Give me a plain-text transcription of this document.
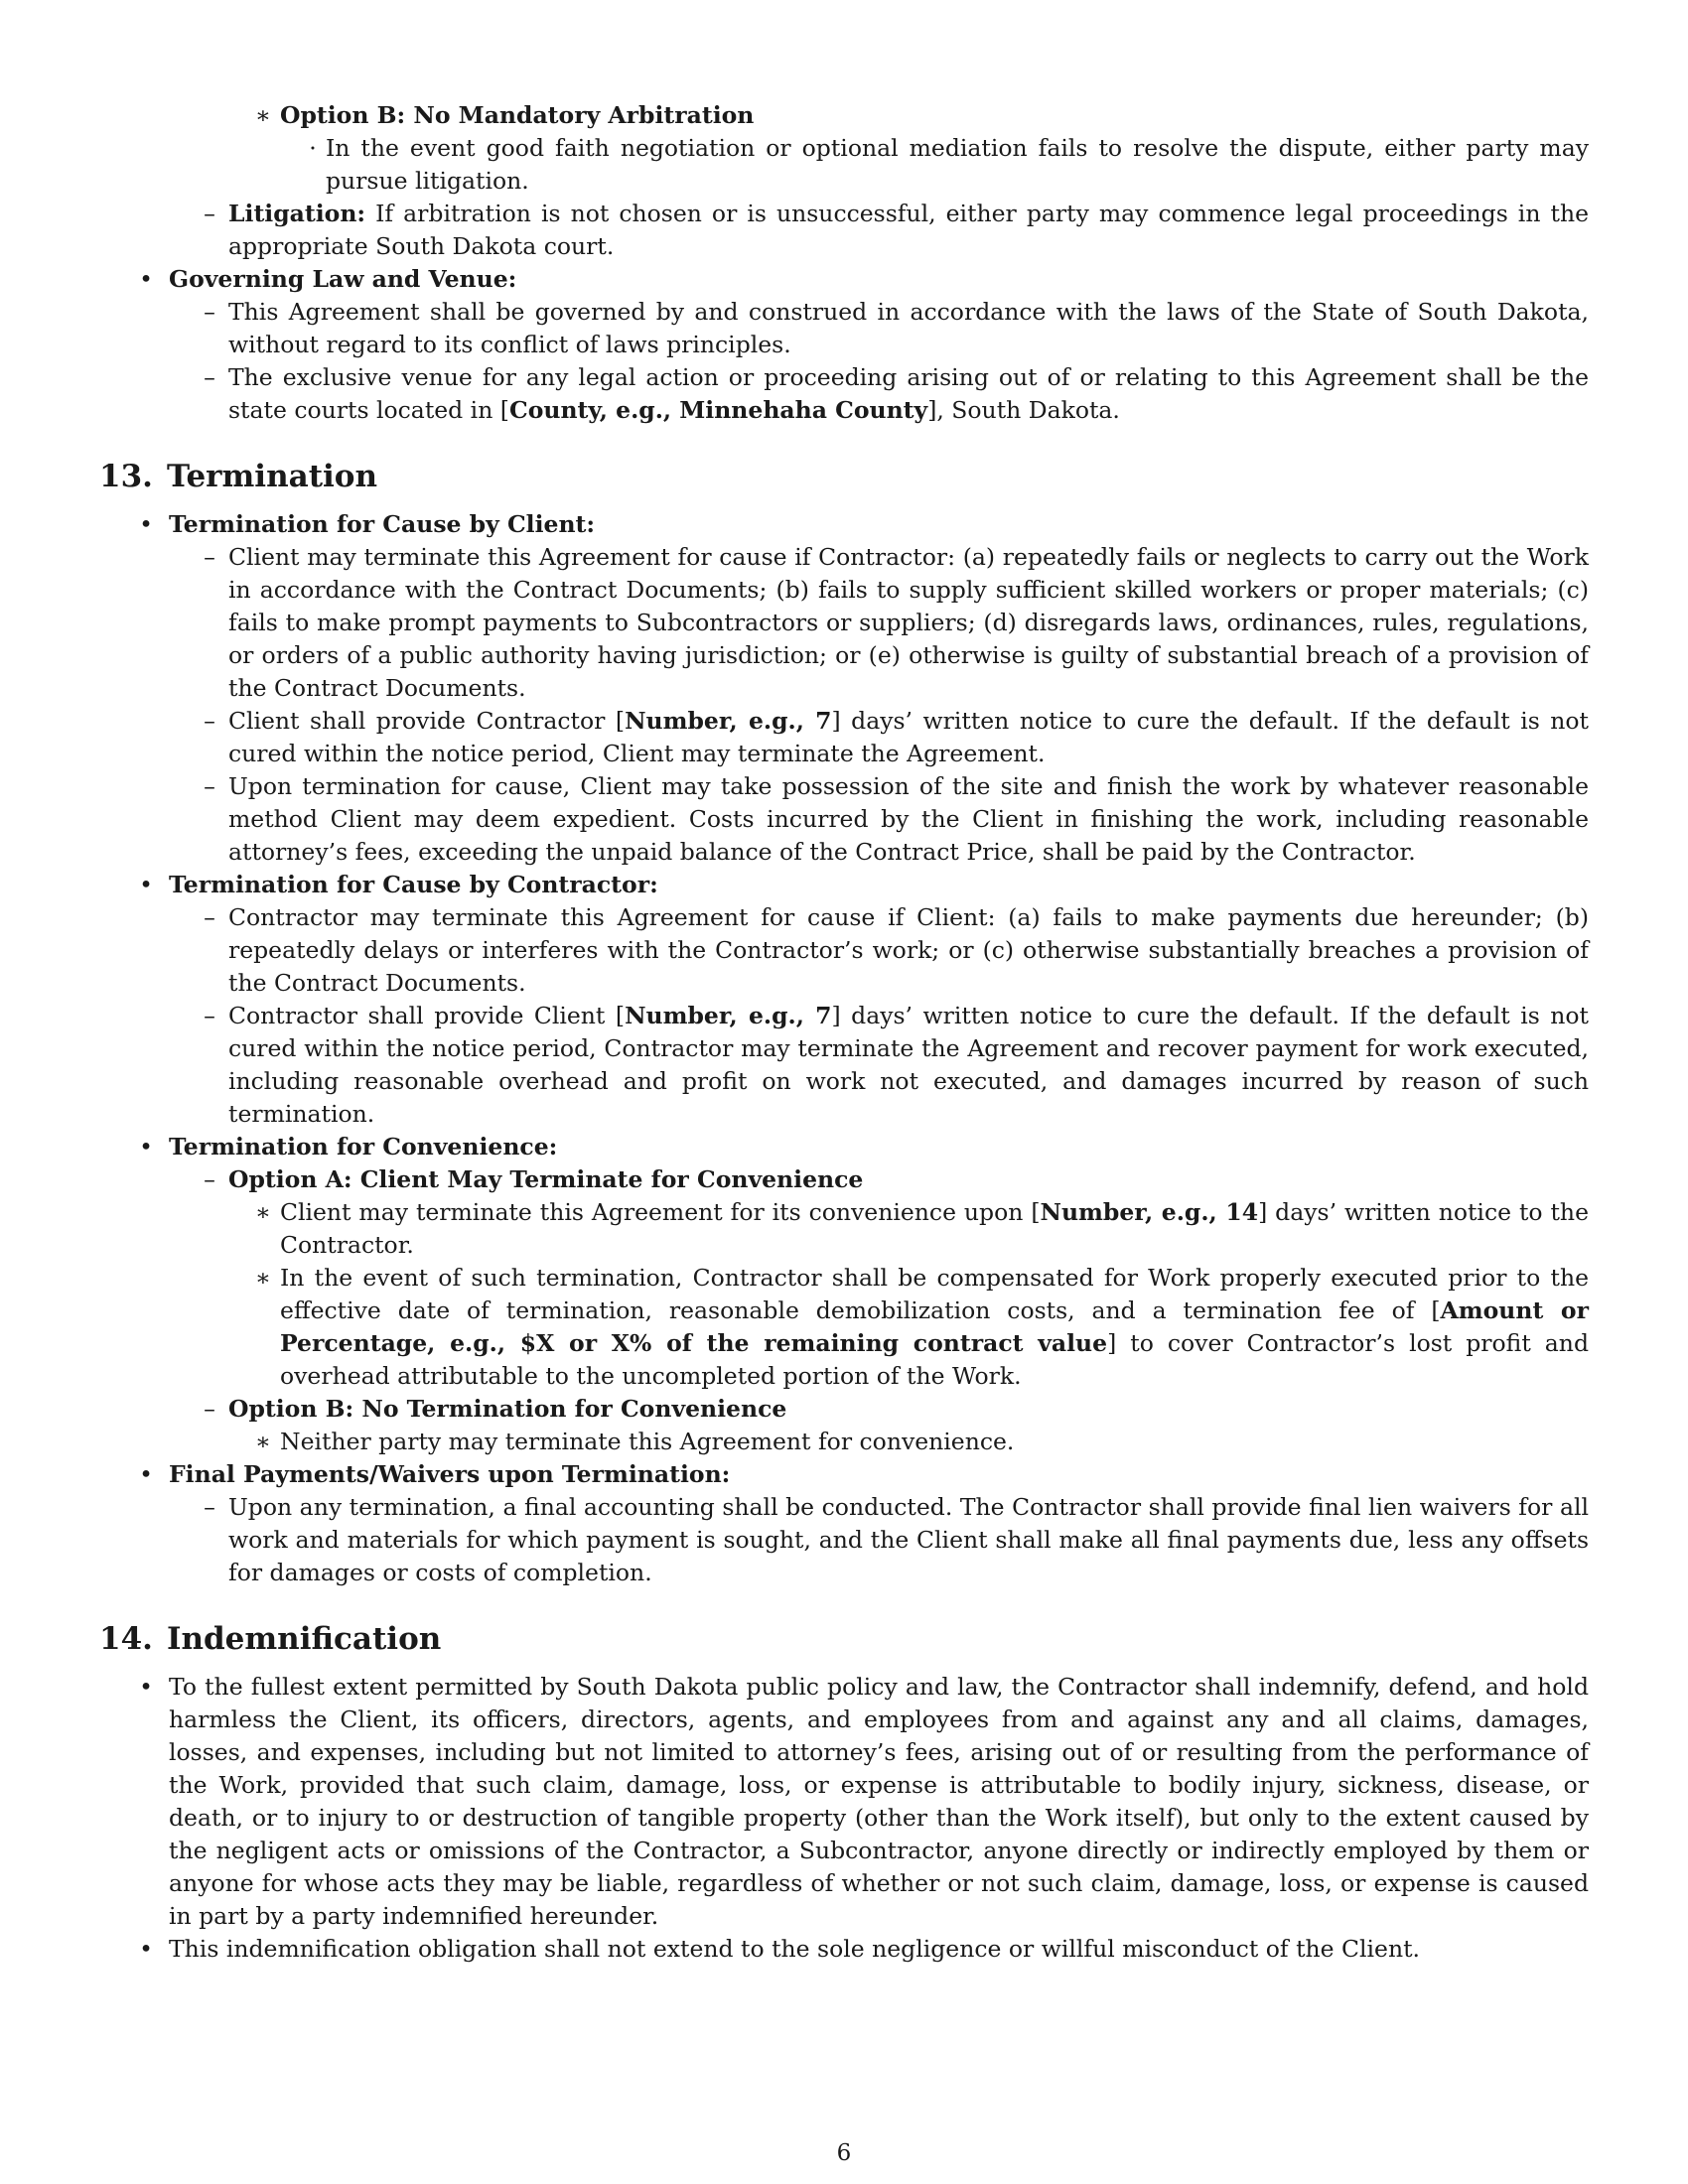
∗ Option B: No Mandatory Arbitration
· In the event good faith negotiation or optional mediation fails to resolve the dispute, either party may pursue litigation.
– Litigation: If arbitration is not chosen or is unsuccessful, either party may commence legal proceedings in the appropriate South Dakota court.
• Governing Law and Venue:
– This Agreement shall be governed by and construed in accordance with the laws of the State of South Dakota, without regard to its conflict of laws principles.
– The exclusive venue for any legal action or proceeding arising out of or relating to this Agreement shall be the state courts located in [County, e.g., Minnehaha County], South Dakota.
13. Termination
• Termination for Cause by Client:
– Client may terminate this Agreement for cause if Contractor: (a) repeatedly fails or neglects to carry out the Work in accordance with the Contract Documents; (b) fails to supply sufficient skilled workers or proper materials; (c) fails to make prompt payments to Subcontractors or suppliers; (d) disregards laws, ordinances, rules, regulations, or orders of a public authority having jurisdiction; or (e) otherwise is guilty of substantial breach of a provision of the Contract Documents.
– Client shall provide Contractor [Number, e.g., 7] days’ written notice to cure the default. If the default is not cured within the notice period, Client may terminate the Agreement.
– Upon termination for cause, Client may take possession of the site and finish the work by whatever reasonable method Client may deem expedient. Costs incurred by the Client in finishing the work, including reasonable attorney’s fees, exceeding the unpaid balance of the Contract Price, shall be paid by the Contractor.
• Termination for Cause by Contractor:
– Contractor may terminate this Agreement for cause if Client: (a) fails to make payments due hereunder; (b) repeatedly delays or interferes with the Contractor’s work; or (c) otherwise substantially breaches a provision of the Contract Documents.
– Contractor shall provide Client [Number, e.g., 7] days’ written notice to cure the default. If the default is not cured within the notice period, Contractor may terminate the Agreement and recover payment for work executed, including reasonable overhead and profit on work not executed, and damages incurred by reason of such termination.
• Termination for Convenience:
– Option A: Client May Terminate for Convenience
∗ Client may terminate this Agreement for its convenience upon [Number, e.g., 14] days’ written notice to the Contractor.
∗ In the event of such termination, Contractor shall be compensated for Work properly executed prior to the effective date of termination, reasonable demobilization costs, and a termination fee of [Amount or Percentage, e.g., $X or X% of the remaining contract value] to cover Contractor’s lost profit and overhead attributable to the uncompleted portion of the Work.
– Option B: No Termination for Convenience
∗ Neither party may terminate this Agreement for convenience.
• Final Payments/Waivers upon Termination:
– Upon any termination, a final accounting shall be conducted. The Contractor shall provide final lien waivers for all work and materials for which payment is sought, and the Client shall make all final payments due, less any offsets for damages or costs of completion.
14. Indemnification
• To the fullest extent permitted by South Dakota public policy and law, the Contractor shall indemnify, defend, and hold harmless the Client, its officers, directors, agents, and employees from and against any and all claims, damages, losses, and expenses, including but not limited to attorney’s fees, arising out of or resulting from the performance of the Work, provided that such claim, damage, loss, or expense is attributable to bodily injury, sickness, disease, or death, or to injury to or destruction of tangible property (other than the Work itself), but only to the extent caused by the negligent acts or omissions of the Contractor, a Subcontractor, anyone directly or indirectly employed by them or anyone for whose acts they may be liable, regardless of whether or not such claim, damage, loss, or expense is caused in part by a party indemnified hereunder.
• This indemnification obligation shall not extend to the sole negligence or willful misconduct of the Client.
6
